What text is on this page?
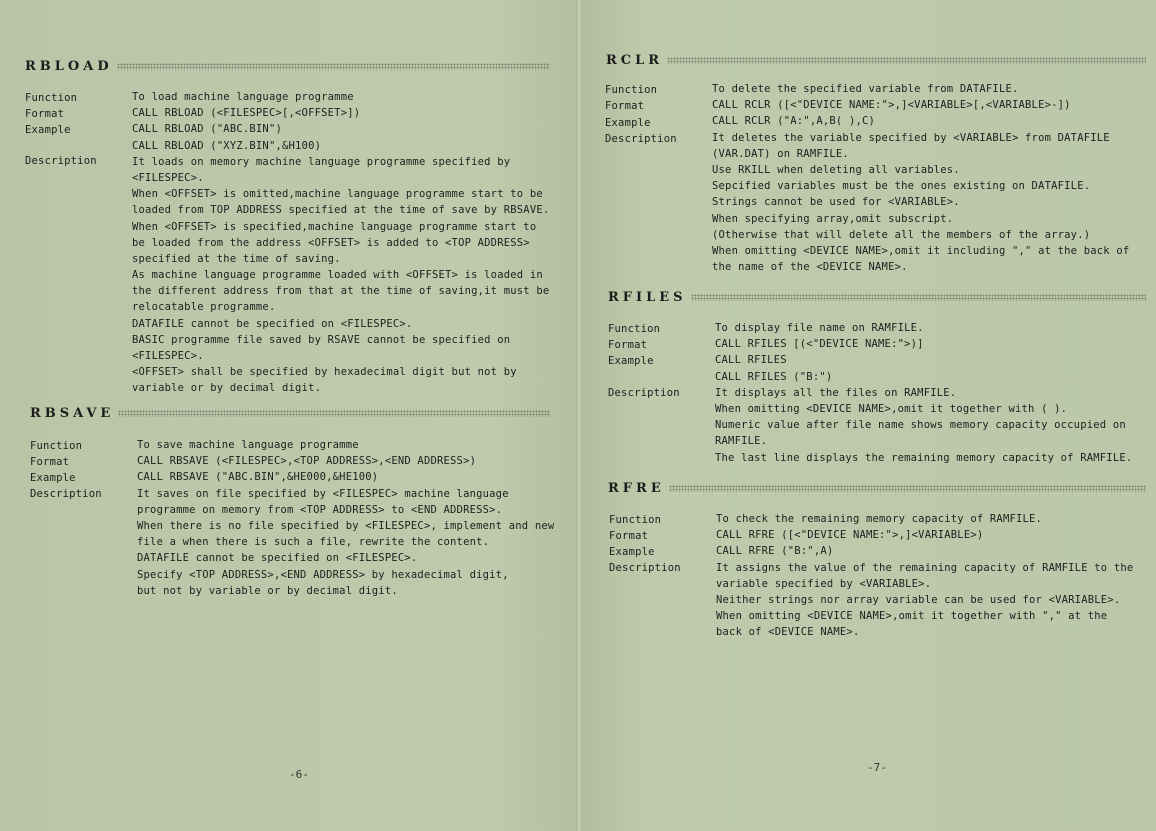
RBLOAD
Function
Format
Example
Description
To load machine language programme
CALL RBLOAD (<FILESPEC>[,<OFFSET>])
CALL RBLOAD ("ABC.BIN")
CALL RBLOAD ("XYZ.BIN",&H100)
It loads on memory machine language programme specified by
<FILESPEC>.
When <OFFSET> is omitted,machine language programme start to be
loaded from TOP ADDRESS specified at the time of save by RBSAVE.
When <OFFSET> is specified,machine language programme start to
be loaded from the address <OFFSET> is added to <TOP ADDRESS>
specified at the time of saving.
As machine language programme loaded with <OFFSET> is loaded in
the different address from that at the time of saving,it must be
relocatable programme.
DATAFILE cannot be specified on <FILESPEC>.
BASIC programme file saved by RSAVE cannot be specified on
<FILESPEC>.
<OFFSET> shall be specified by hexadecimal digit but not by
variable or by decimal digit.
RBSAVE
Function
Format
Example
Description
To save machine language programme
CALL RBSAVE (<FILESPEC>,<TOP ADDRESS>,<END ADDRESS>)
CALL RBSAVE ("ABC.BIN",&HE000,&HE100)
It saves on file specified by <FILESPEC> machine language
programme on memory from <TOP ADDRESS> to <END ADDRESS>.
When there is no file specified by <FILESPEC>, implement and new
file a when there is such a file, rewrite the content.
DATAFILE cannot be specified on <FILESPEC>.
Specify <TOP ADDRESS>,<END ADDRESS> by hexadecimal digit,
but not by variable or by decimal digit.
-6-
RCLR
Function
Format
Example
Description
To delete the specified variable from DATAFILE.
CALL RCLR ([<"DEVICE NAME:">,]<VARIABLE>[,<VARIABLE>-])
CALL RCLR ("A:",A,B( ),C)
It deletes the variable specified by <VARIABLE> from DATAFILE
(VAR.DAT) on RAMFILE.
Use RKILL when deleting all variables.
Sepcified variables must be the ones existing on DATAFILE.
Strings cannot be used for <VARIABLE>.
When specifying array,omit subscript.
(Otherwise that will delete all the members of the array.)
When omitting <DEVICE NAME>,omit it including "," at the back of
the name of the <DEVICE NAME>.
RFILES
Function
Format
Example
Description
To display file name on RAMFILE.
CALL RFILES [(<"DEVICE NAME:">)]
CALL RFILES
CALL RFILES ("B:")
It displays all the files on RAMFILE.
When omitting <DEVICE NAME>,omit it together with ( ).
Numeric value after file name shows memory capacity occupied on
RAMFILE.
The last line displays the remaining memory capacity of RAMFILE.
RFRE
Function
Format
Example
Description
To check the remaining memory capacity of RAMFILE.
CALL RFRE ([<"DEVICE NAME:">,]<VARIABLE>)
CALL RFRE ("B:",A)
It assigns the value of the remaining capacity of RAMFILE to the
variable specified by <VARIABLE>.
Neither strings nor array variable can be used for <VARIABLE>.
When omitting <DEVICE NAME>,omit it together with "," at the
back of <DEVICE NAME>.
-7-
